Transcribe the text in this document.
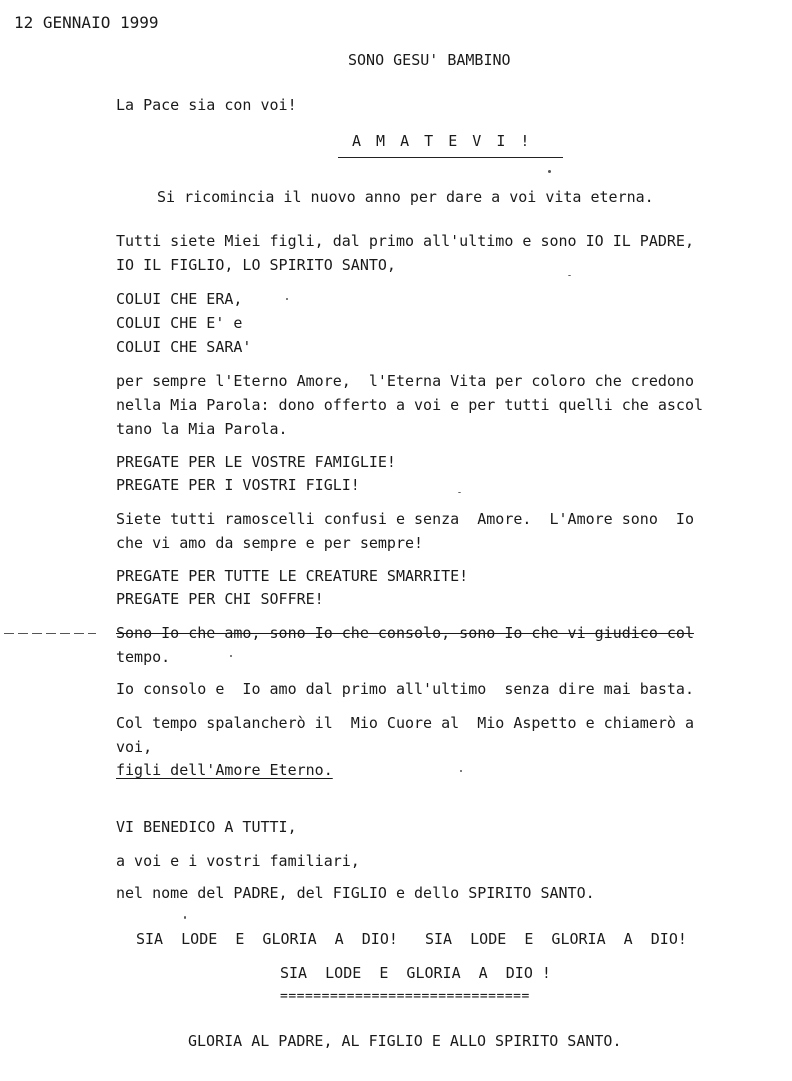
12 GENNAIO 1999
SONO GESU' BAMBINO
La Pace sia con voi!
A M A T E V I !
Si ricomincia il nuovo anno per dare a voi vita eterna.
Tutti siete Miei figli, dal primo all'ultimo e sono IO IL PADRE,
IO IL FIGLIO, LO SPIRITO SANTO,
COLUI CHE ERA,
COLUI CHE E' e
COLUI CHE SARA'
per sempre l'Eterno Amore,  l'Eterna Vita per coloro che credono
nella Mia Parola: dono offerto a voi e per tutti quelli che ascol
tano la Mia Parola.
PREGATE PER LE VOSTRE FAMIGLIE!
PREGATE PER I VOSTRI FIGLI!
Siete tutti ramoscelli confusi e senza  Amore.  L'Amore sono  Io
che vi amo da sempre e per sempre!
PREGATE PER TUTTE LE CREATURE SMARRITE!
PREGATE PER CHI SOFFRE!
Sono Io che amo, sono Io che consolo, sono Io che vi giudico col
tempo.
Io consolo e  Io amo dal primo all'ultimo  senza dire mai basta.
Col tempo spalancherò il  Mio Cuore al  Mio Aspetto e chiamerò a
voi,
figli dell'Amore Eterno.
VI BENEDICO A TUTTI,
a voi e i vostri familiari,
nel nome del PADRE, del FIGLIO e dello SPIRITO SANTO.
SIA  LODE  E  GLORIA  A  DIO!   SIA  LODE  E  GLORIA  A  DIO!
SIA  LODE  E  GLORIA  A  DIO !
==============================
GLORIA AL PADRE, AL FIGLIO E ALLO SPIRITO SANTO.
